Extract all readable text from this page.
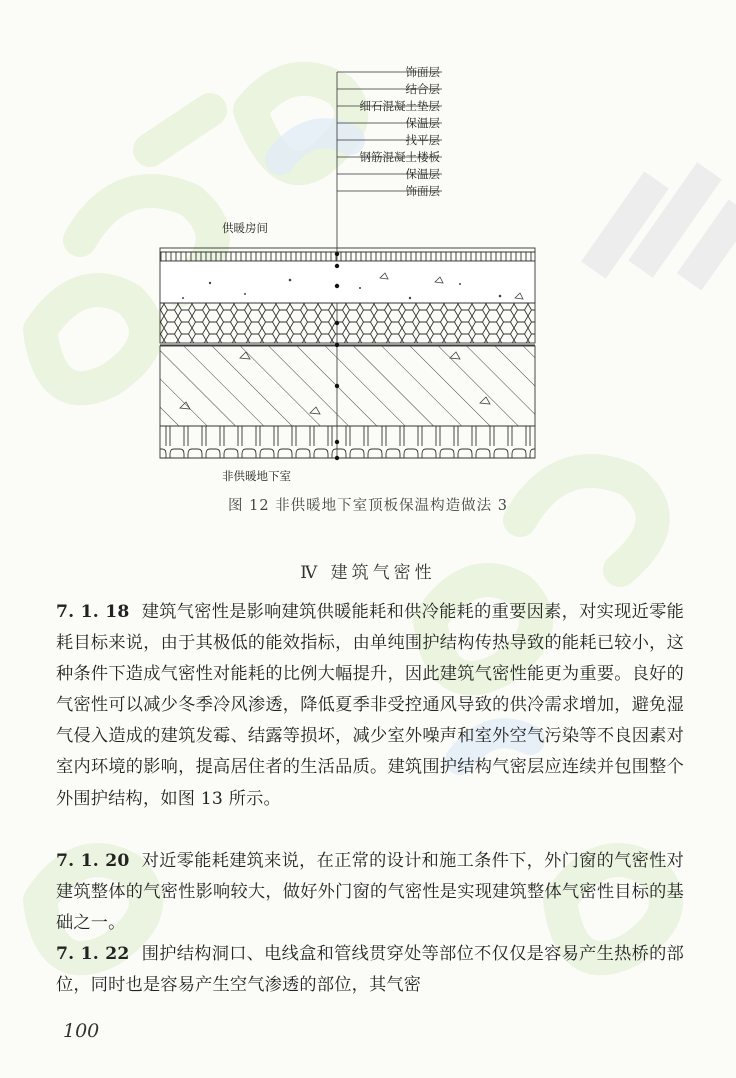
饰面层
结合层
细石混凝土垫层
保温层
找平层
钢筋混凝土楼板
保温层
饰面层
供暖房间
非供暖地下室
图 12 非供暖地下室顶板保温构造做法 3
Ⅳ 建筑气密性
7. 1. 18 建筑气密性是影响建筑供暖能耗和供冷能耗的重要因素，对实现近零能耗目标来说，由于其极低的能效指标，由单纯围护结构传热导致的能耗已较小，这种条件下造成气密性对能耗的比例大幅提升，因此建筑气密性能更为重要。良好的气密性可以减少冬季冷风渗透，降低夏季非受控通风导致的供冷需求增加，避免湿气侵入造成的建筑发霉、结露等损坏，减少室外噪声和室外空气污染等不良因素对室内环境的影响，提高居住者的生活品质。建筑围护结构气密层应连续并包围整个外围护结构，如图 13 所示。
7. 1. 20 对近零能耗建筑来说，在正常的设计和施工条件下，外门窗的气密性对建筑整体的气密性影响较大，做好外门窗的气密性是实现建筑整体气密性目标的基础之一。
7. 1. 22 围护结构洞口、电线盒和管线贯穿处等部位不仅仅是容易产生热桥的部位，同时也是容易产生空气渗透的部位，其气密
100
